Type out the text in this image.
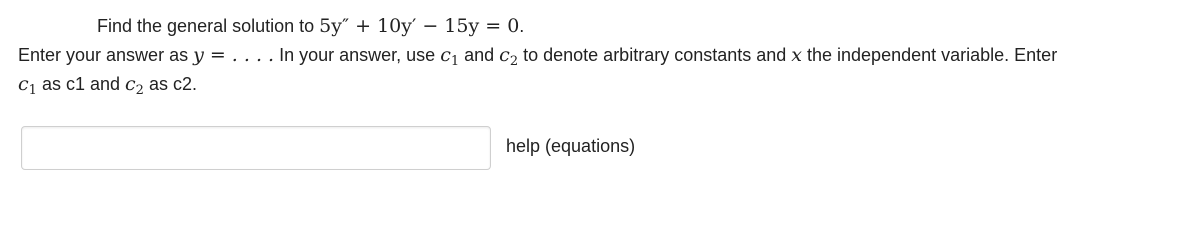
Find the general solution to 5y″ + 10y′ − 15y = 0.
Enter your answer as y = . . . . In your answer, use $c_1$ and $c_2$ to denote arbitrary constants and x the independent variable. Enter
$c_1$ as c1 and $c_2$ as c2.
help (equations)
